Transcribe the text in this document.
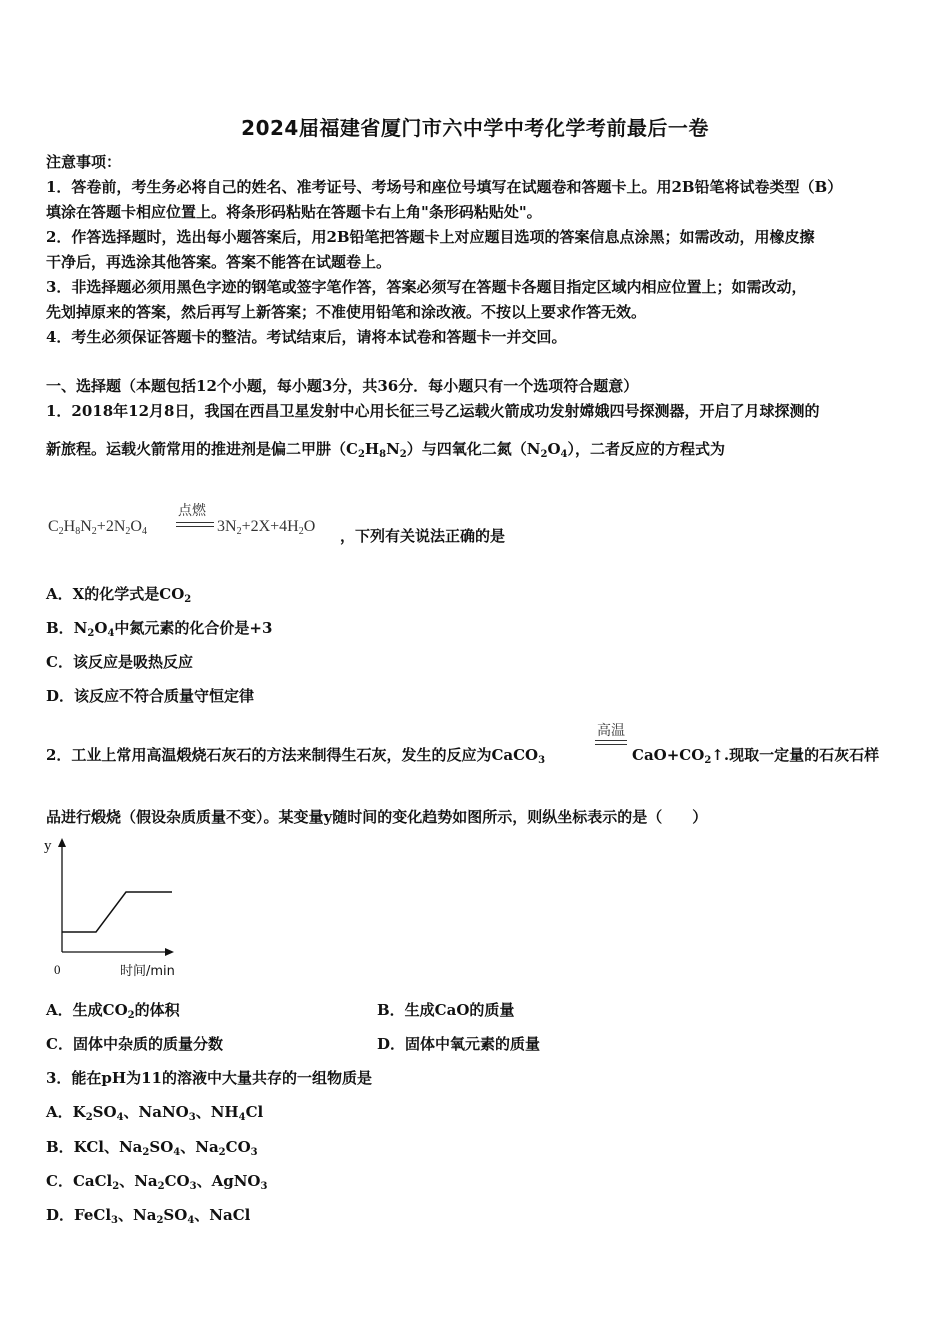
2024届福建省厦门市六中学中考化学考前最后一卷
注意事项：
1．答卷前，考生务必将自己的姓名、准考证号、考场号和座位号填写在试题卷和答题卡上。用2B铅笔将试卷类型（B）
填涂在答题卡相应位置上。将条形码粘贴在答题卡右上角"条形码粘贴处"。
2．作答选择题时，选出每小题答案后，用2B铅笔把答题卡上对应题目选项的答案信息点涂黑；如需改动，用橡皮擦
干净后，再选涂其他答案。答案不能答在试题卷上。
3．非选择题必须用黑色字迹的钢笔或签字笔作答，答案必须写在答题卡各题目指定区域内相应位置上；如需改动，
先划掉原来的答案，然后再写上新答案；不准使用铅笔和涂改液。不按以上要求作答无效。
4．考生必须保证答题卡的整洁。考试结束后，请将本试卷和答题卡一并交回。
一、选择题（本题包括12个小题，每小题3分，共36分．每小题只有一个选项符合题意）
1．2018年12月8日，我国在西昌卫星发射中心用长征三号乙运载火箭成功发射嫦娥四号探测器，开启了月球探测的
新旅程。运载火箭常用的推进剂是偏二甲肼$(C_2H_8N_2)$与四氧化二氮$(N_2O_4)$，二者反应的方程式为
$C_2H_8N_2+2N_2O_4$
点燃
$3N_2+2X+4H_2O$
，下列有关说法正确的是
A．X的化学式是$CO_2$
B．$N_2O_4$中氮元素的化合价是+3
C．该反应是吸热反应
D．该反应不符合质量守恒定律
2．工业上常用高温煅烧石灰石的方法来制得生石灰，发生的反应为CaCO$_3$
高温
$CaO+CO_2↑$.现取一定量的石灰石样
品进行煅烧（假设杂质质量不变）。某变量y随时间的变化趋势如图所示，则纵坐标表示的是（　　）
y
0	时间/min
A．生成$CO_2$的体积	B．生成CaO的质量
C．固体中杂质的质量分数	D．固体中氧元素的质量
3．能在pH为11的溶液中大量共存的一组物质是
A．$K_2SO_4$、NaNO$_3$、$NH_4Cl$
B．KCl、$Na_2SO_4$、$Na_2CO_3$
C．CaCl$_2$、$Na_2CO_3$、AgNO$_3$
D．FeCl$_3$、$Na_2SO_4$、NaCl
